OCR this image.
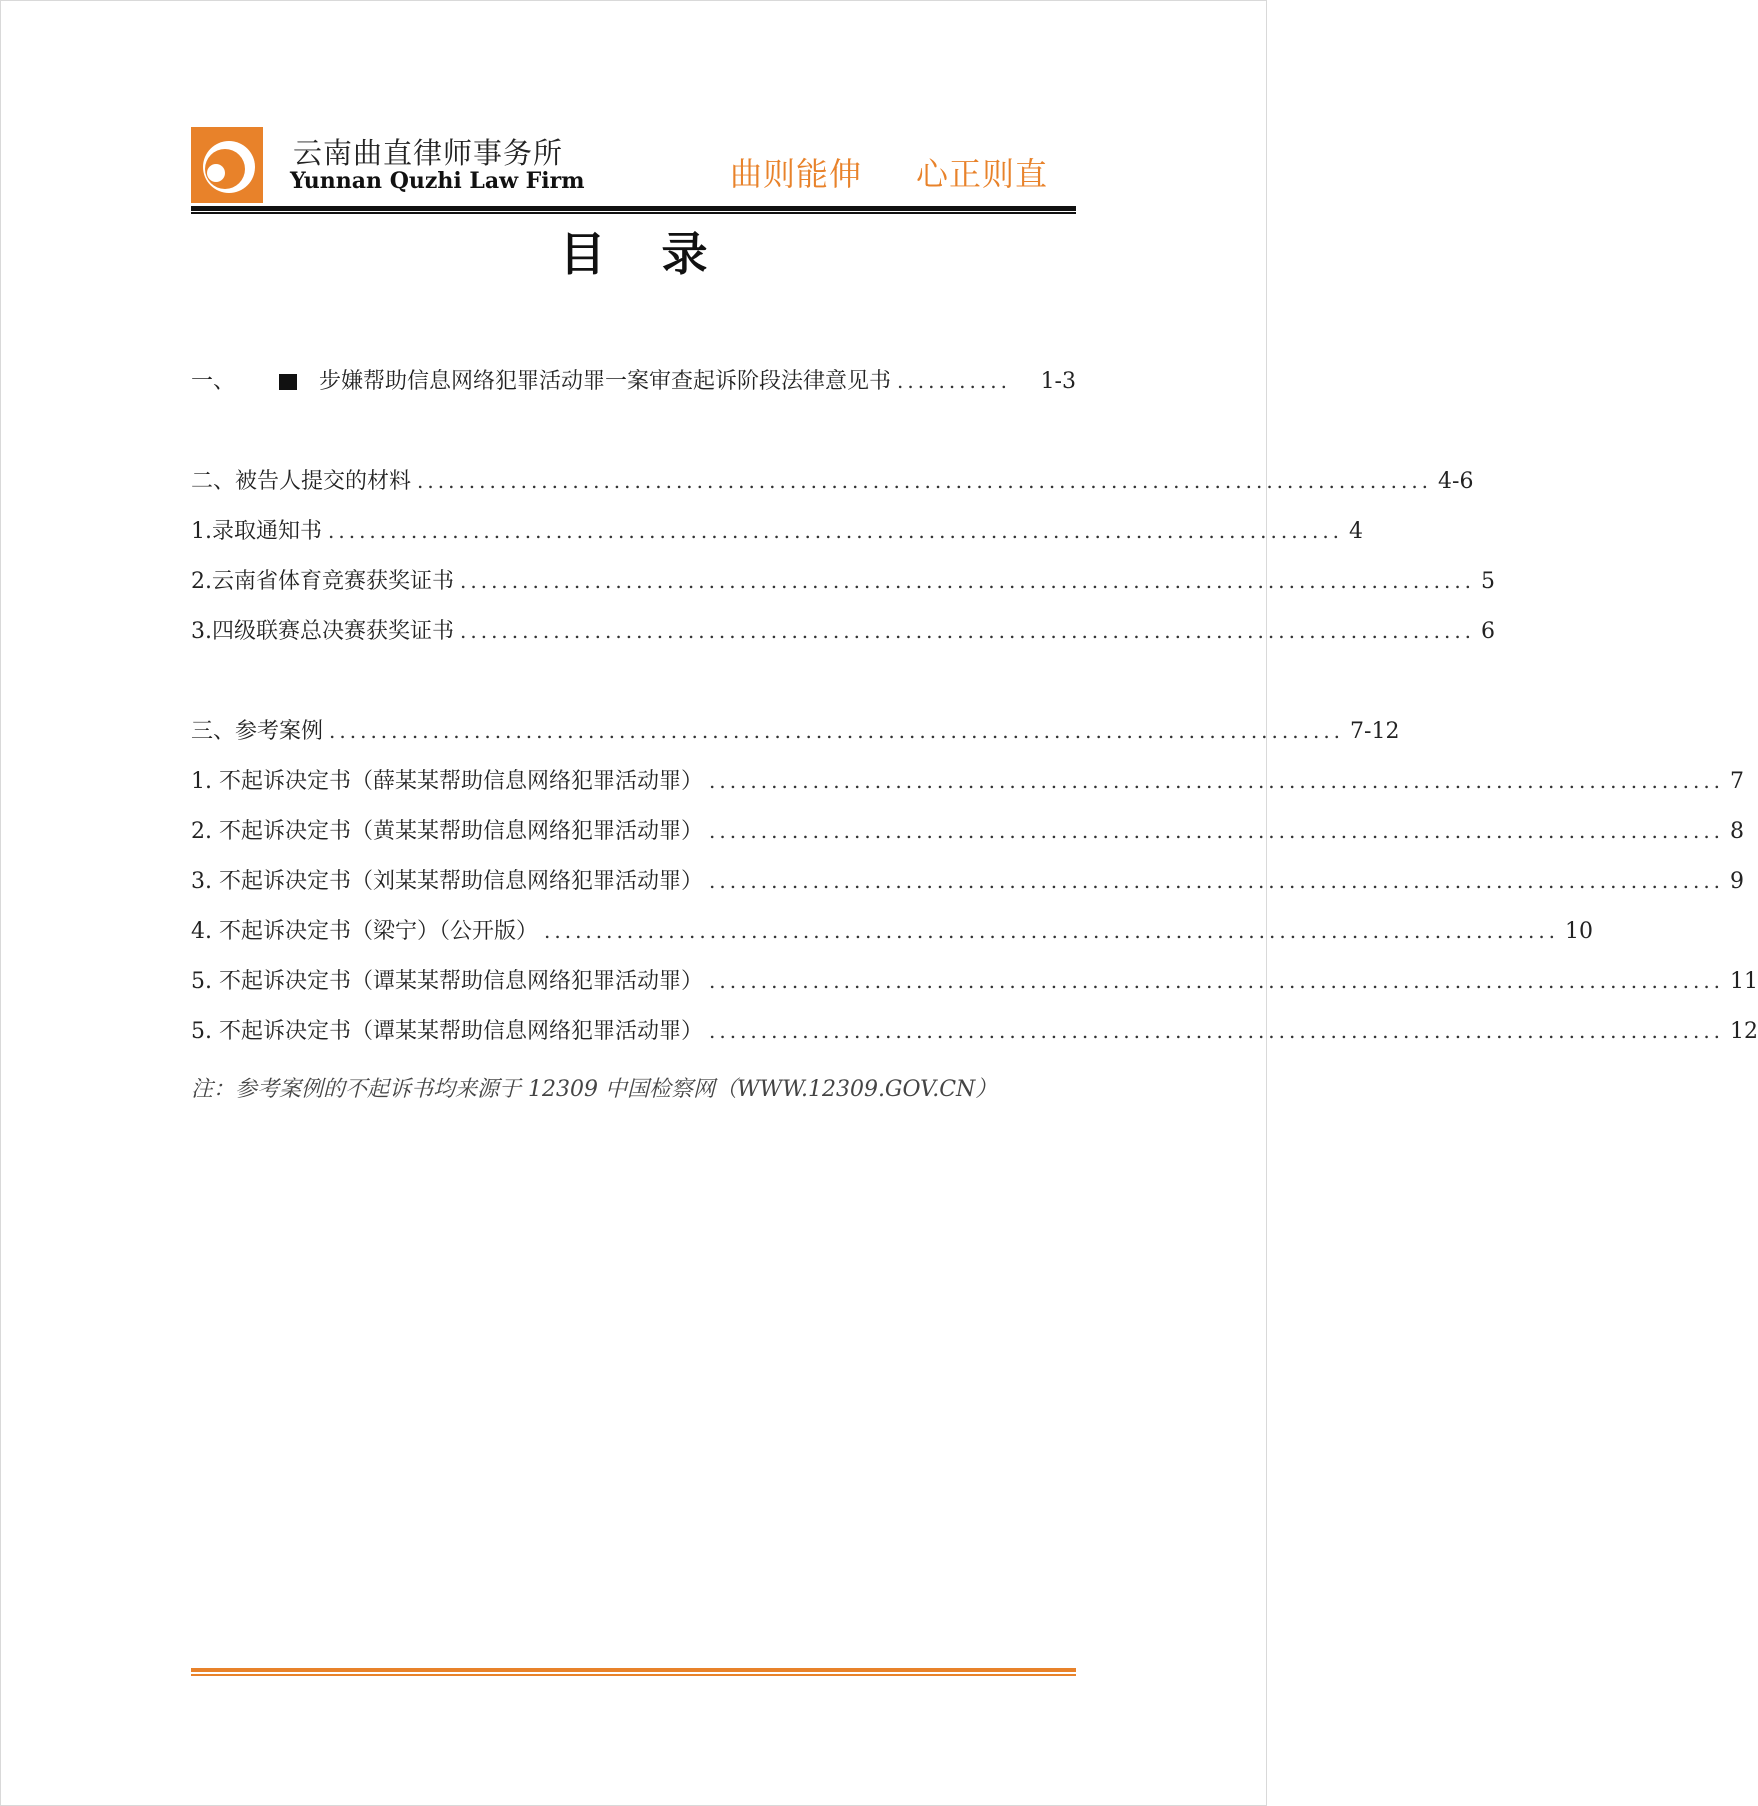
云南曲直律师事务所
Yunnan Quzhi Law Firm	曲则能伸 心正则直
目录
一、	步嫌帮助信息网络犯罪活动罪一案审查起诉阶段法律意见书 ...........	1-3
二、被告人提交的材料 .................................................................................................. 4-6
1.录取通知书 .................................................................................................. 4
2.云南省体育竞赛获奖证书 .................................................................................................. 5
3.四级联赛总决赛获奖证书 .................................................................................................. 6
三、参考案例 .................................................................................................. 7-12
1. 不起诉决定书（薛某某帮助信息网络犯罪活动罪） .................................................................................................. 7
2. 不起诉决定书（黄某某帮助信息网络犯罪活动罪） .................................................................................................. 8
3. 不起诉决定书（刘某某帮助信息网络犯罪活动罪） .................................................................................................. 9
4. 不起诉决定书（梁宁）（公开版） .................................................................................................. 10
5. 不起诉决定书（谭某某帮助信息网络犯罪活动罪） .................................................................................................. 11
5. 不起诉决定书（谭某某帮助信息网络犯罪活动罪） .................................................................................................. 12
注：参考案例的不起诉书均来源于 12309 中国检察网（WWW.12309.GOV.CN）
